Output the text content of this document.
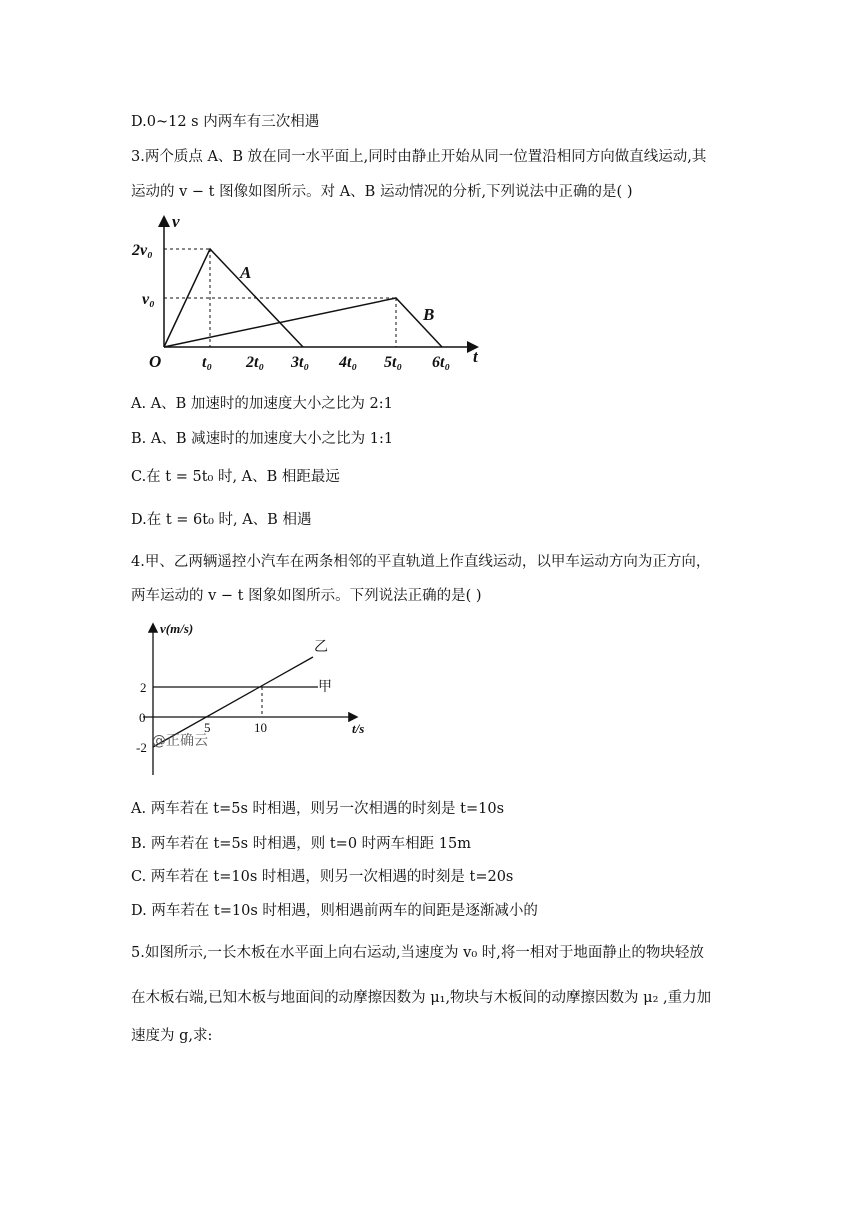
D.0~12 s 内两车有三次相遇
3.两个质点 A、B 放在同一水平面上,同时由静止开始从同一位置沿相同方向做直线运动,其
运动的 v − t 图像如图所示。对 A、B 运动情况的分析,下列说法中正确的是( )
v
t
O
2v₀
v₀
t₀ 2t₀ 3t₀ 4t₀ 5t₀ 6t₀
A
B
A. A、B 加速时的加速度大小之比为 2:1
B. A、B 减速时的加速度大小之比为 1:1
C.在 t = 5t₀ 时, A、B 相距最远
D.在 t = 6t₀ 时, A、B 相遇
4.甲、乙两辆遥控小汽车在两条相邻的平直轨道上作直线运动，以甲车运动方向为正方向，
两车运动的 v − t 图象如图所示。下列说法正确的是( )
v(m/s)
t/s
2
0
-2
5	10
甲
乙
@正确云
A. 两车若在 t=5s 时相遇，则另一次相遇的时刻是 t=10s
B. 两车若在 t=5s 时相遇，则 t=0 时两车相距 15m
C. 两车若在 t=10s 时相遇，则另一次相遇的时刻是 t=20s
D. 两车若在 t=10s 时相遇，则相遇前两车的间距是逐渐减小的
5.如图所示,一长木板在水平面上向右运动,当速度为 v₀ 时,将一相对于地面静止的物块轻放
在木板右端,已知木板与地面间的动摩擦因数为 μ₁,物块与木板间的动摩擦因数为 μ₂ ,重力加
速度为 g,求:
